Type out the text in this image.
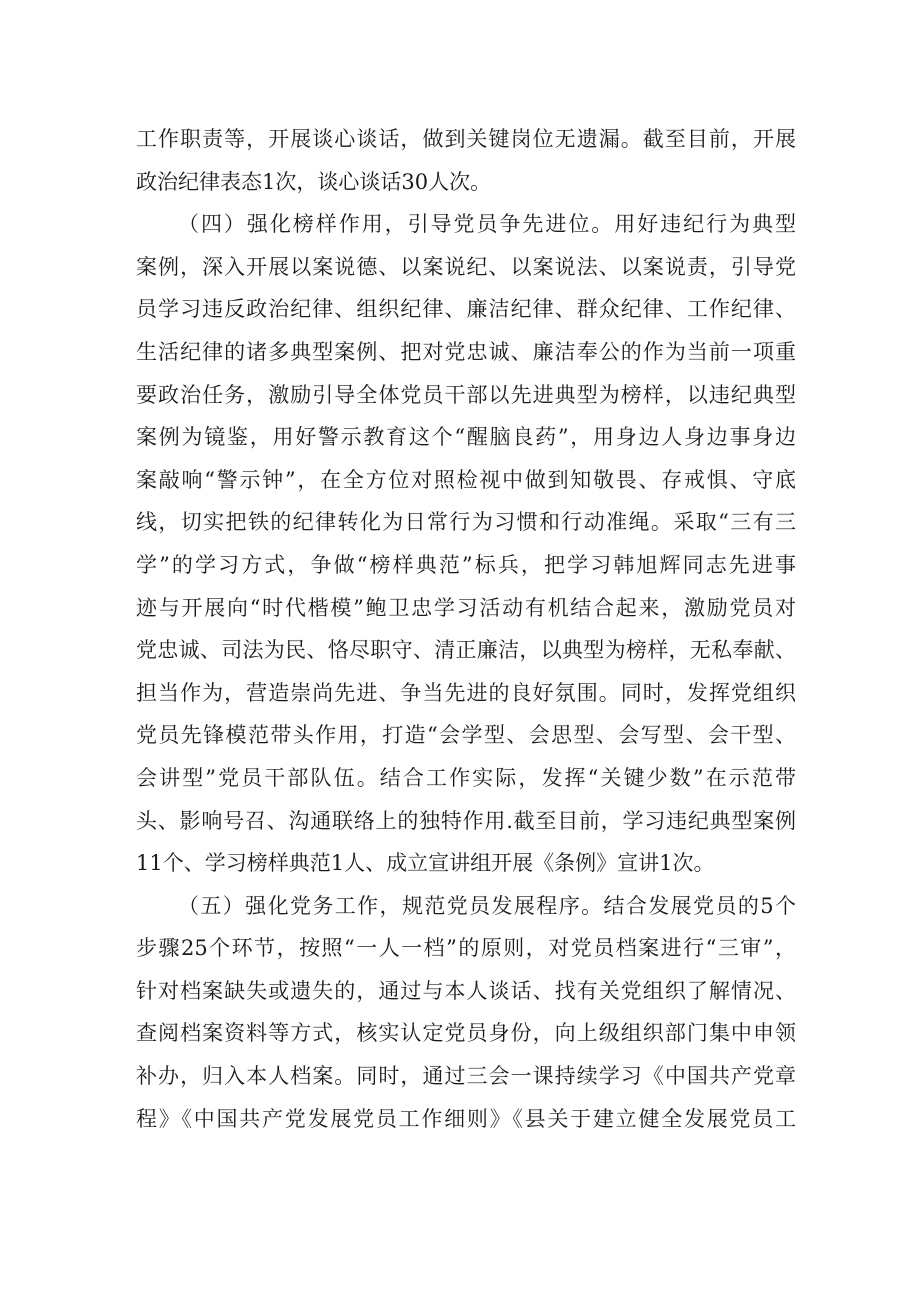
工作职责等，开展谈心谈话，做到关键岗位无遗漏。截至目前，开展
政治纪律表态1次，谈心谈话30人次。
（四）强化榜样作用，引导党员争先进位。用好违纪行为典型
案例，深入开展以案说德、以案说纪、以案说法、以案说责，引导党
员学习违反政治纪律、组织纪律、廉洁纪律、群众纪律、工作纪律、
生活纪律的诸多典型案例、把对党忠诚、廉洁奉公的作为当前一项重
要政治任务，激励引导全体党员干部以先进典型为榜样，以违纪典型
案例为镜鉴，用好警示教育这个“醒脑良药”，用身边人身边事身边
案敲响“警示钟”，在全方位对照检视中做到知敬畏、存戒惧、守底
线，切实把铁的纪律转化为日常行为习惯和行动准绳。采取“三有三
学”的学习方式，争做“榜样典范”标兵，把学习韩旭辉同志先进事
迹与开展向“时代楷模”鲍卫忠学习活动有机结合起来，激励党员对
党忠诚、司法为民、恪尽职守、清正廉洁，以典型为榜样，无私奉献、
担当作为，营造崇尚先进、争当先进的良好氛围。同时，发挥党组织
党员先锋模范带头作用，打造“会学型、会思型、会写型、会干型、
会讲型”党员干部队伍。结合工作实际，发挥“关键少数”在示范带
头、影响号召、沟通联络上的独特作用.截至目前，学习违纪典型案例
11个、学习榜样典范1人、成立宣讲组开展《条例》宣讲1次。
（五）强化党务工作，规范党员发展程序。结合发展党员的5个
步骤25个环节，按照“一人一档”的原则，对党员档案进行“三审”，
针对档案缺失或遗失的，通过与本人谈话、找有关党组织了解情况、
查阅档案资料等方式，核实认定党员身份，向上级组织部门集中申领
补办，归入本人档案。同时，通过三会一课持续学习《中国共产党章
程》《中国共产党发展党员工作细则》《县关于建立健全发展党员工
